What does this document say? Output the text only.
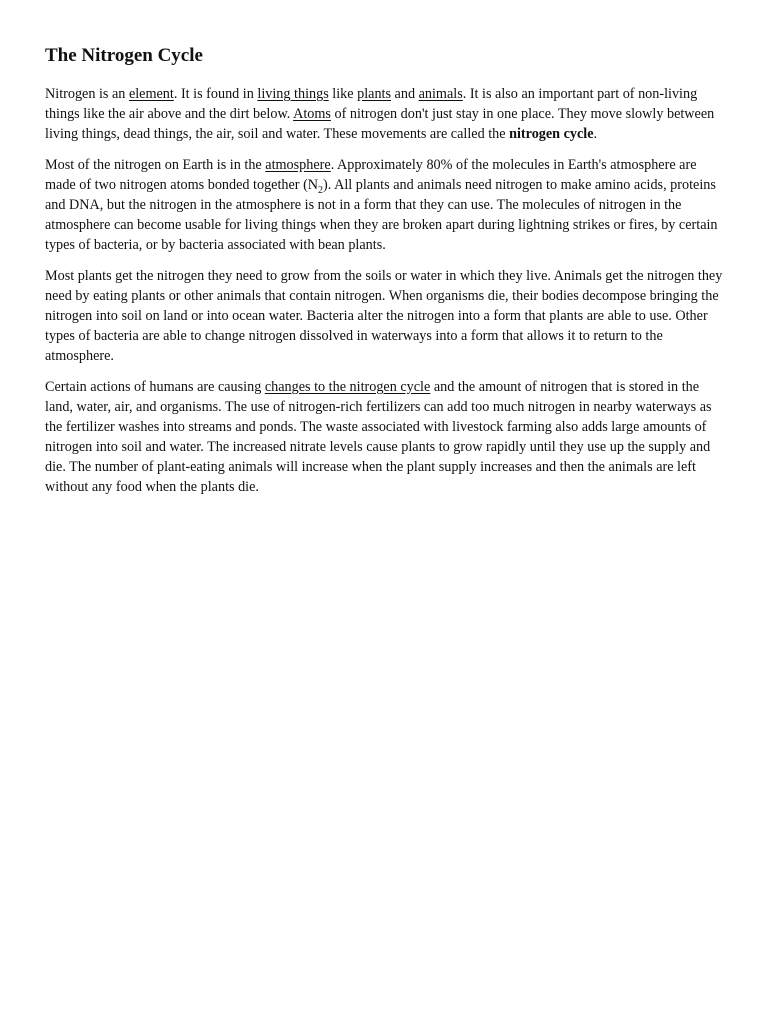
The Nitrogen Cycle

Nitrogen is an element. It is found in living things like plants and animals. It is also an important part of non-living things like the air above and the dirt below. Atoms of nitrogen don't just stay in one place. They move slowly between living things, dead things, the air, soil and water. These movements are called the nitrogen cycle.

Most of the nitrogen on Earth is in the atmosphere. Approximately 80% of the molecules in Earth's atmosphere are made of two nitrogen atoms bonded together $(N_2)$. All plants and animals need nitrogen to make amino acids, proteins and DNA, but the nitrogen in the atmosphere is not in a form that they can use. The molecules of nitrogen in the atmosphere can become usable for living things when they are broken apart during lightning strikes or fires, by certain types of bacteria, or by bacteria associated with bean plants.

Most plants get the nitrogen they need to grow from the soils or water in which they live. Animals get the nitrogen they need by eating plants or other animals that contain nitrogen. When organisms die, their bodies decompose bringing the nitrogen into soil on land or into ocean water. Bacteria alter the nitrogen into a form that plants are able to use. Other types of bacteria are able to change nitrogen dissolved in waterways into a form that allows it to return to the atmosphere.

Certain actions of humans are causing changes to the nitrogen cycle and the amount of nitrogen that is stored in the land, water, air, and organisms. The use of nitrogen-rich fertilizers can add too much nitrogen in nearby waterways as the fertilizer washes into streams and ponds. The waste associated with livestock farming also adds large amounts of nitrogen into soil and water. The increased nitrate levels cause plants to grow rapidly until they use up the supply and die. The number of plant-eating animals will increase when the plant supply increases and then the animals are left without any food when the plants die.
